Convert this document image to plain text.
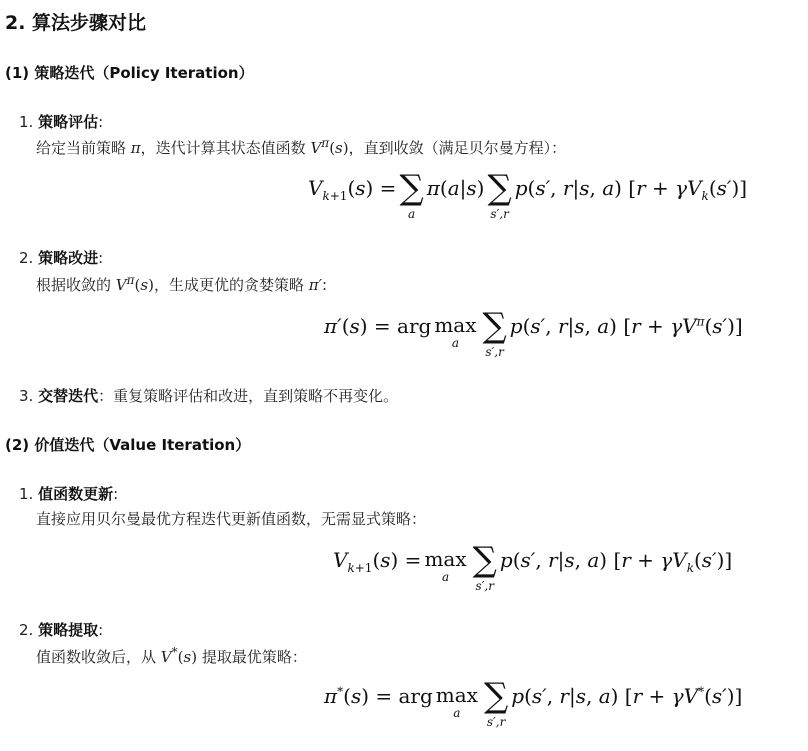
2. 算法步骤对比
(1) 策略迭代（Policy Iteration）
1. 策略评估:
给定当前策略 π，迭代计算其状态值函数 $V^\pi(s)$，直到收敛（满足贝尔曼方程）：
$V_{k+1}(s)$ = ∑
a
π(a|s) ∑
s′,r
p(s′, r|s, a) $[r + \gamma V_k(s')]$
2. 策略改进:
根据收敛的 $V^\pi(s)$，生成更优的贪婪策略 π′:
π′(s) = arg max
a ∑
s′,r
p(s′, r|s, a) $[r + \gamma V^\pi(s')]$
3. 交替迭代：重复策略评估和改进，直到策略不再变化。
(2) 价值迭代（Value Iteration）
1. 值函数更新:
直接应用贝尔曼最优方程迭代更新值函数，无需显式策略：
$V_{k+1}(s) = \max$
a ∑
s′,r
p(s′, r|s, a) $[r + \gamma V_k(s')]$
2. 策略提取:
值函数收敛后，从 V*(s) 提取最优策略：
π*(s) = arg max
a ∑
s′,r
p(s′, r|s, a) [r + γV*(s′)]
